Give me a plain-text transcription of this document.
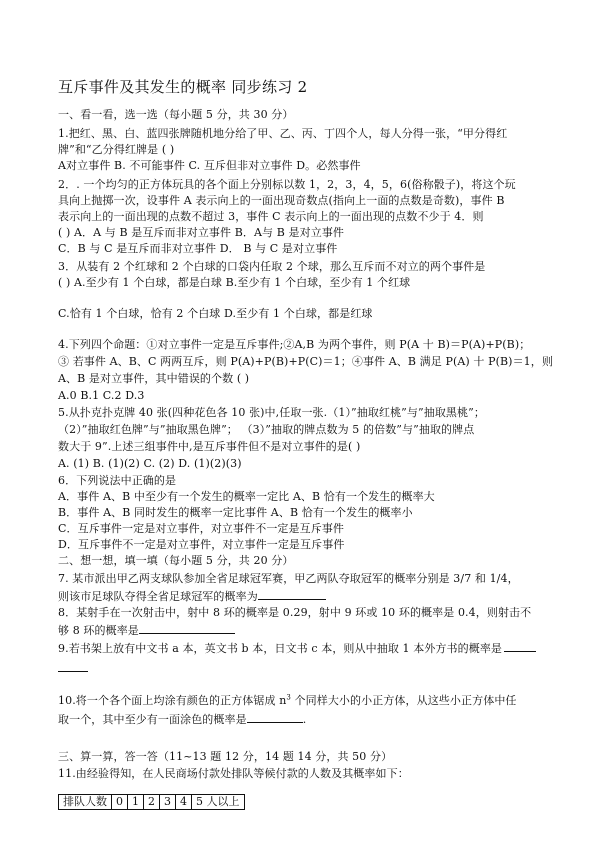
互斥事件及其发生的概率 同步练习 2
一、看一看，选一选（每小题 5 分，共 30 分）
1.把红、黑、白、蓝四张牌随机地分给了甲、乙、丙、丁四个人，每人分得一张，“甲分得红
牌”和“乙分得红牌是 ( )
A对立事件 B. 不可能事件 C. 互斥但非对立事件 D。必然事件
2．. 一个均匀的正方体玩具的各个面上分别标以数 1，2，3，4，5，6(俗称骰子)，将这个玩
具向上抛掷一次，设事件 A 表示向上的一面出现奇数点(指向上一面的点数是奇数)，事件 B
表示向上的一面出现的点数不超过 3，事件 C 表示向上的一面出现的点数不少于 4．则
( ) A．A 与 B 是互斥而非对立事件 B．A与 B 是对立事件
C．B 与 C 是互斥而非对立事件 D． B 与 C 是对立事件
3．从装有 2 个红球和 2 个白球的口袋内任取 2 个球，那么互斥而不对立的两个事件是
( ) A.至少有 1 个白球，都是白球 B.至少有 1 个白球，至少有 1 个红球
C.恰有 1 个白球，恰有 2 个白球 D.至少有 1 个白球，都是红球
4.下列四个命题：①对立事件一定是互斥事件;②A,B 为两个事件，则 P(A 十 B)＝P(A)+P(B)；
③ 若事件 A、B、C 两两互斥，则 P(A)+P(B)+P(C)＝1；④事件 A、B 满足 P(A) 十 P(B)＝1，则
A、B 是对立事件，其中错误的个数 ( )
A.0 B.1 C.2 D.3
5.从扑克扑克牌 40 张(四种花色各 10 张)中,任取一张.（1）”抽取红桃”与”抽取黑桃”；
（2）”抽取红色牌”与”抽取黑色牌”； （3）”抽取的牌点数为 5 的倍数”与”抽取的牌点
数大于 9”.上述三组事件中,是互斥事件但不是对立事件的是( )
A. (1) B. (1)(2) C. (2) D. (1)(2)(3)
6．下列说法中正确的是
A．事件 A、B 中至少有一个发生的概率一定比 A、B 恰有一个发生的概率大
B．事件 A、B 同时发生的概率一定比事件 A、B 恰有一个发生的概率小
C．互斥事件一定是对立事件，对立事件不一定是互斥事件
D．互斥事件不一定是对立事件，对立事件一定是互斥事件
二、想一想，填一填（每小题 5 分，共 20 分）
7. 某市派出甲乙两支球队参加全省足球冠军赛，甲乙两队夺取冠军的概率分别是 3/7 和 1/4，
则该市足球队夺得全省足球冠军的概率为
8．某射手在一次射击中，射中 8 环的概率是 0.29，射中 9 环或 10 环的概率是 0.4，则射击不
够 8 环的概率是
9.若书架上放有中文书 a 本，英文书 b 本，日文书 c 本，则从中抽取 1 本外方书的概率是
10.将一个各个面上均涂有颜色的正方体锯成 $n^3$ 个同样大小的小正方体，从这些小正方体中任
取一个，其中至少有一面涂色的概率是	.
三、算一算，答一答（11~13 题 12 分，14 题 14 分，共 50 分）
11.由经验得知，在人民商场付款处排队等候付款的人数及其概率如下：
排队人数	0	1	2	3	4	5 人以上
